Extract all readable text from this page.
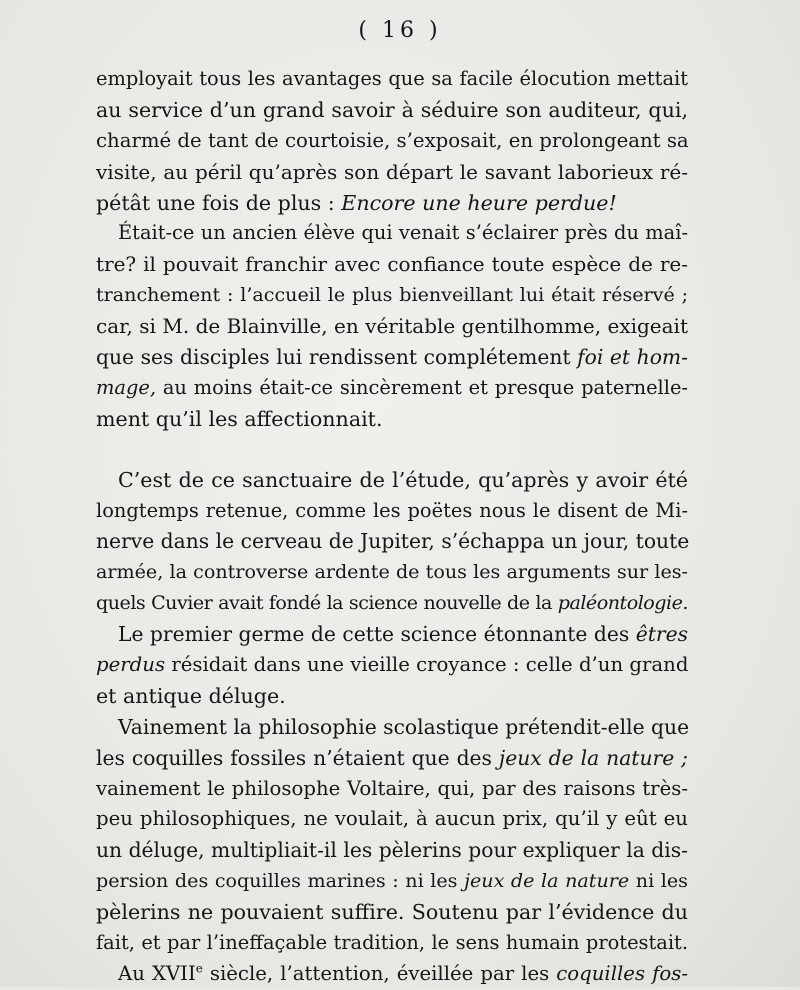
( 16 )
employait tous les avantages que sa facile élocution mettait
au service d’un grand savoir à séduire son auditeur, qui,
charmé de tant de courtoisie, s’exposait, en prolongeant sa
visite, au péril qu’après son départ le savant laborieux ré-
pétât une fois de plus : Encore une heure perdue!
Était-ce un ancien élève qui venait s’éclairer près du maî-
tre? il pouvait franchir avec confiance toute espèce de re-
tranchement : l’accueil le plus bienveillant lui était réservé ;
car, si M. de Blainville, en véritable gentilhomme, exigeait
que ses disciples lui rendissent complétement foi et hom-
mage, au moins était-ce sincèrement et presque paternelle-
ment qu’il les affectionnait.
C’est de ce sanctuaire de l’étude, qu’après y avoir été
longtemps retenue, comme les poëtes nous le disent de Mi-
nerve dans le cerveau de Jupiter, s’échappa un jour, toute
armée, la controverse ardente de tous les arguments sur les-
quels Cuvier avait fondé la science nouvelle de la paléontologie.
Le premier germe de cette science étonnante des êtres
perdus résidait dans une vieille croyance : celle d’un grand
et antique déluge.
Vainement la philosophie scolastique prétendit-elle que
les coquilles fossiles n’étaient que des jeux de la nature ;
vainement le philosophe Voltaire, qui, par des raisons très-
peu philosophiques, ne voulait, à aucun prix, qu’il y eût eu
un déluge, multipliait-il les pèlerins pour expliquer la dis-
persion des coquilles marines : ni les jeux de la nature ni les
pèlerins ne pouvaient suffire. Soutenu par l’évidence du
fait, et par l’ineffaçable tradition, le sens humain protestait.
Au XVIIe siècle, l’attention, éveillée par les coquilles fos-
